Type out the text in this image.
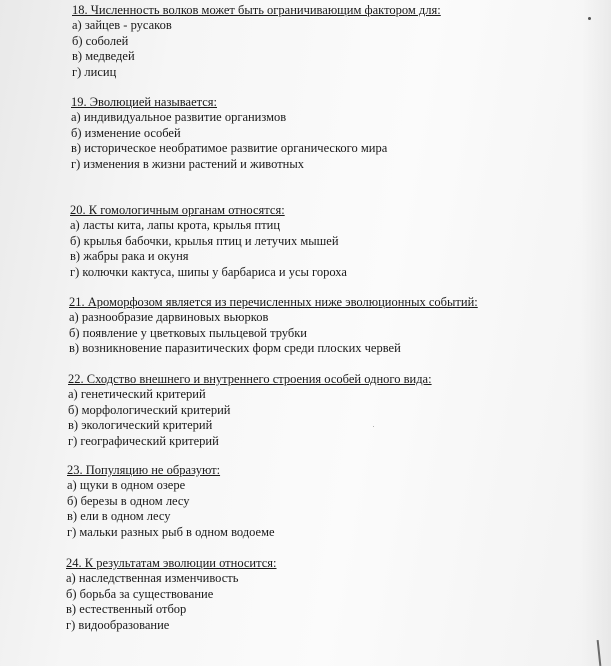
18. Численность волков может быть ограничивающим фактором для:

а) зайцев - русаков

б) соболей

в) медведей

г) лисиц

19. Эволюцией называется:

а) индивидуальное развитие организмов

б) изменение особей

в) историческое необратимое развитие органического мира

г) изменения в жизни растений и животных

20. К гомологичным органам относятся:

а) ласты кита, лапы крота, крылья птиц

б) крылья бабочки, крылья птиц и летучих мышей

в) жабры рака и окуня

г) колючки кактуса, шипы у барбариса и усы гороха

21. Ароморфозом является из перечисленных ниже эволюционных событий:

а) разнообразие дарвиновых вьюрков

б) появление у цветковых пыльцевой трубки

в) возникновение паразитических форм среди плоских червей

22. Сходство внешнего и внутреннего строения особей одного вида:

а) генетический критерий

б) морфологический критерий

в) экологический критерий

г) географический критерий

23. Популяцию не образуют:

а) щуки в одном озере

б) березы в одном лесу

в) ели в одном лесу

г) мальки разных рыб в одном водоеме

24. К результатам эволюции относится:

а) наследственная изменчивость

б) борьба за существование

в) естественный отбор

г) видообразование
